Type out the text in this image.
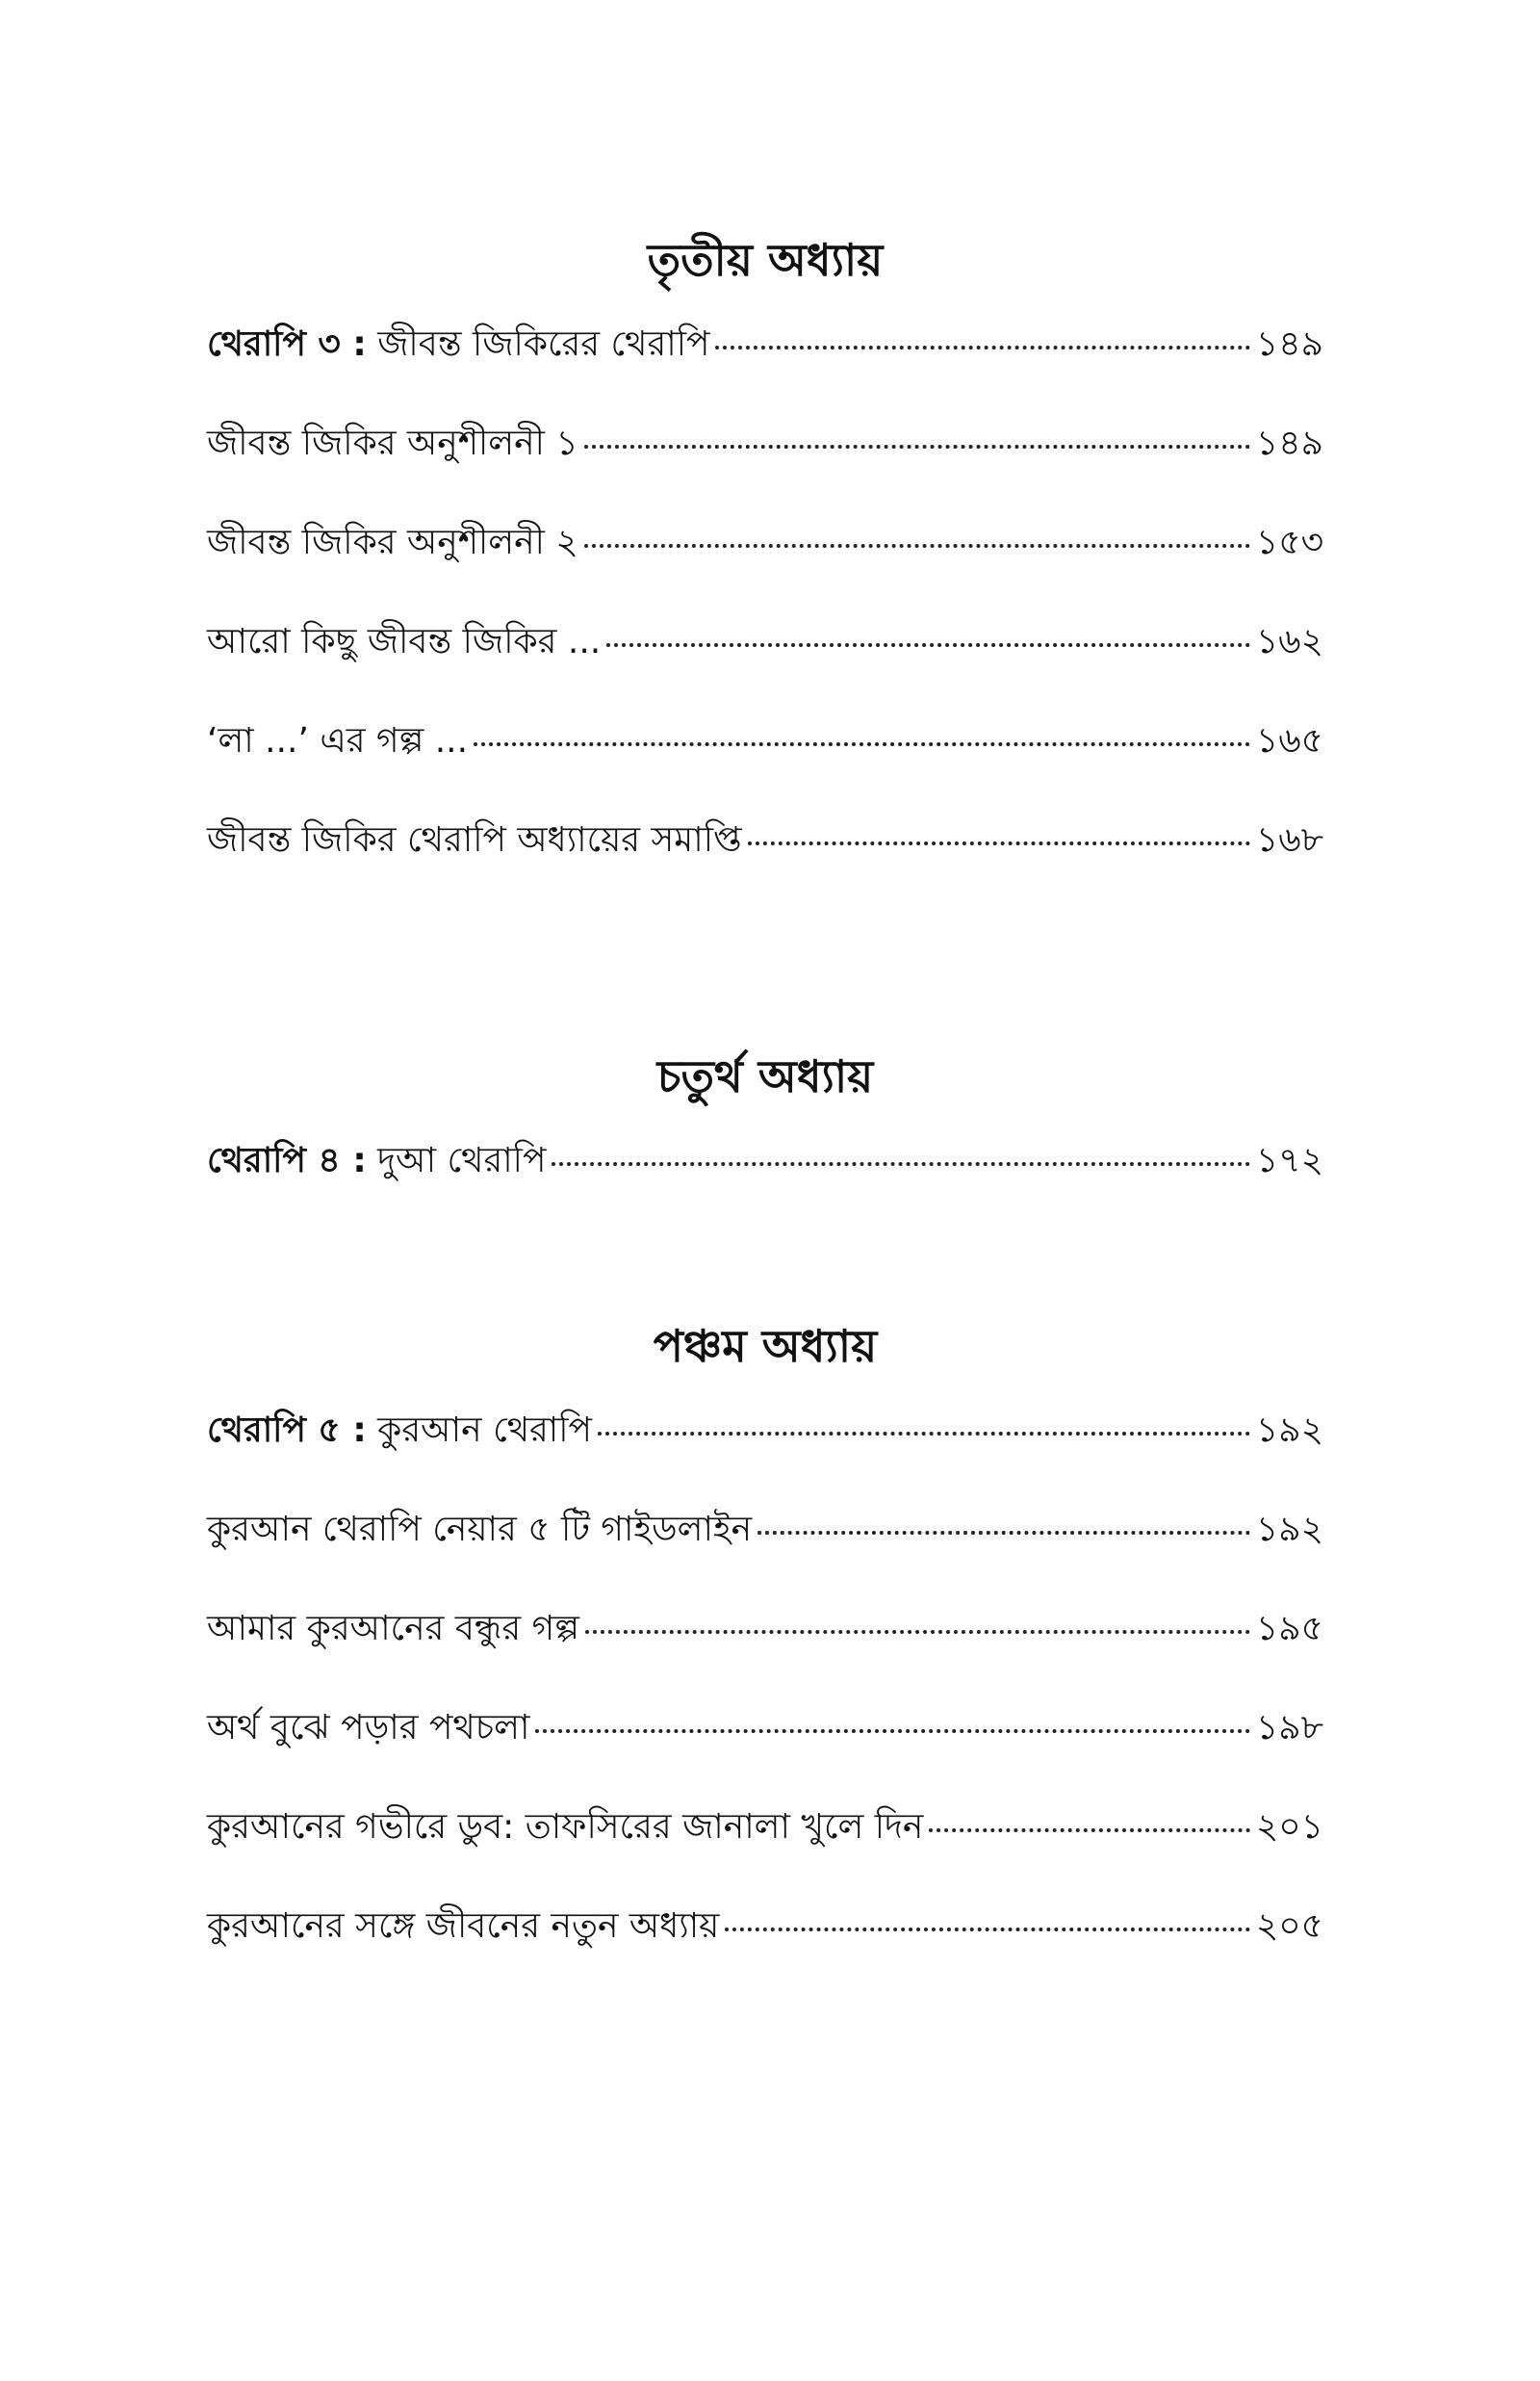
তৃতীয় অধ্যায়
থেরাপি ৩ : জীবন্ত জিকিরের থেরাপি	১৪৯
জীবন্ত জিকির অনুশীলনী ১	১৪৯
জীবন্ত জিকির অনুশীলনী ২	১৫৩
আরো কিছু জীবন্ত জিকির ...	১৬২
‘লা ...’ এর গল্প ...	১৬৫
জীবন্ত জিকির থেরাপি অধ্যায়ের সমাপ্তি	১৬৮
চতুর্থ অধ্যায়
থেরাপি ৪ : দুআ থেরাপি	১৭২
পঞ্চম অধ্যায়
থেরাপি ৫ : কুরআন থেরাপি	১৯২
কুরআন থেরাপি নেয়ার ৫ টি গাইডলাইন	১৯২
আমার কুরআনের বন্ধুর গল্প	১৯৫
অর্থ বুঝে পড়ার পথচলা	১৯৮
কুরআনের গভীরে ডুব: তাফসিরের জানালা খুলে দিন	২০১
কুরআনের সঙ্গে জীবনের নতুন অধ্যায়	২০৫
